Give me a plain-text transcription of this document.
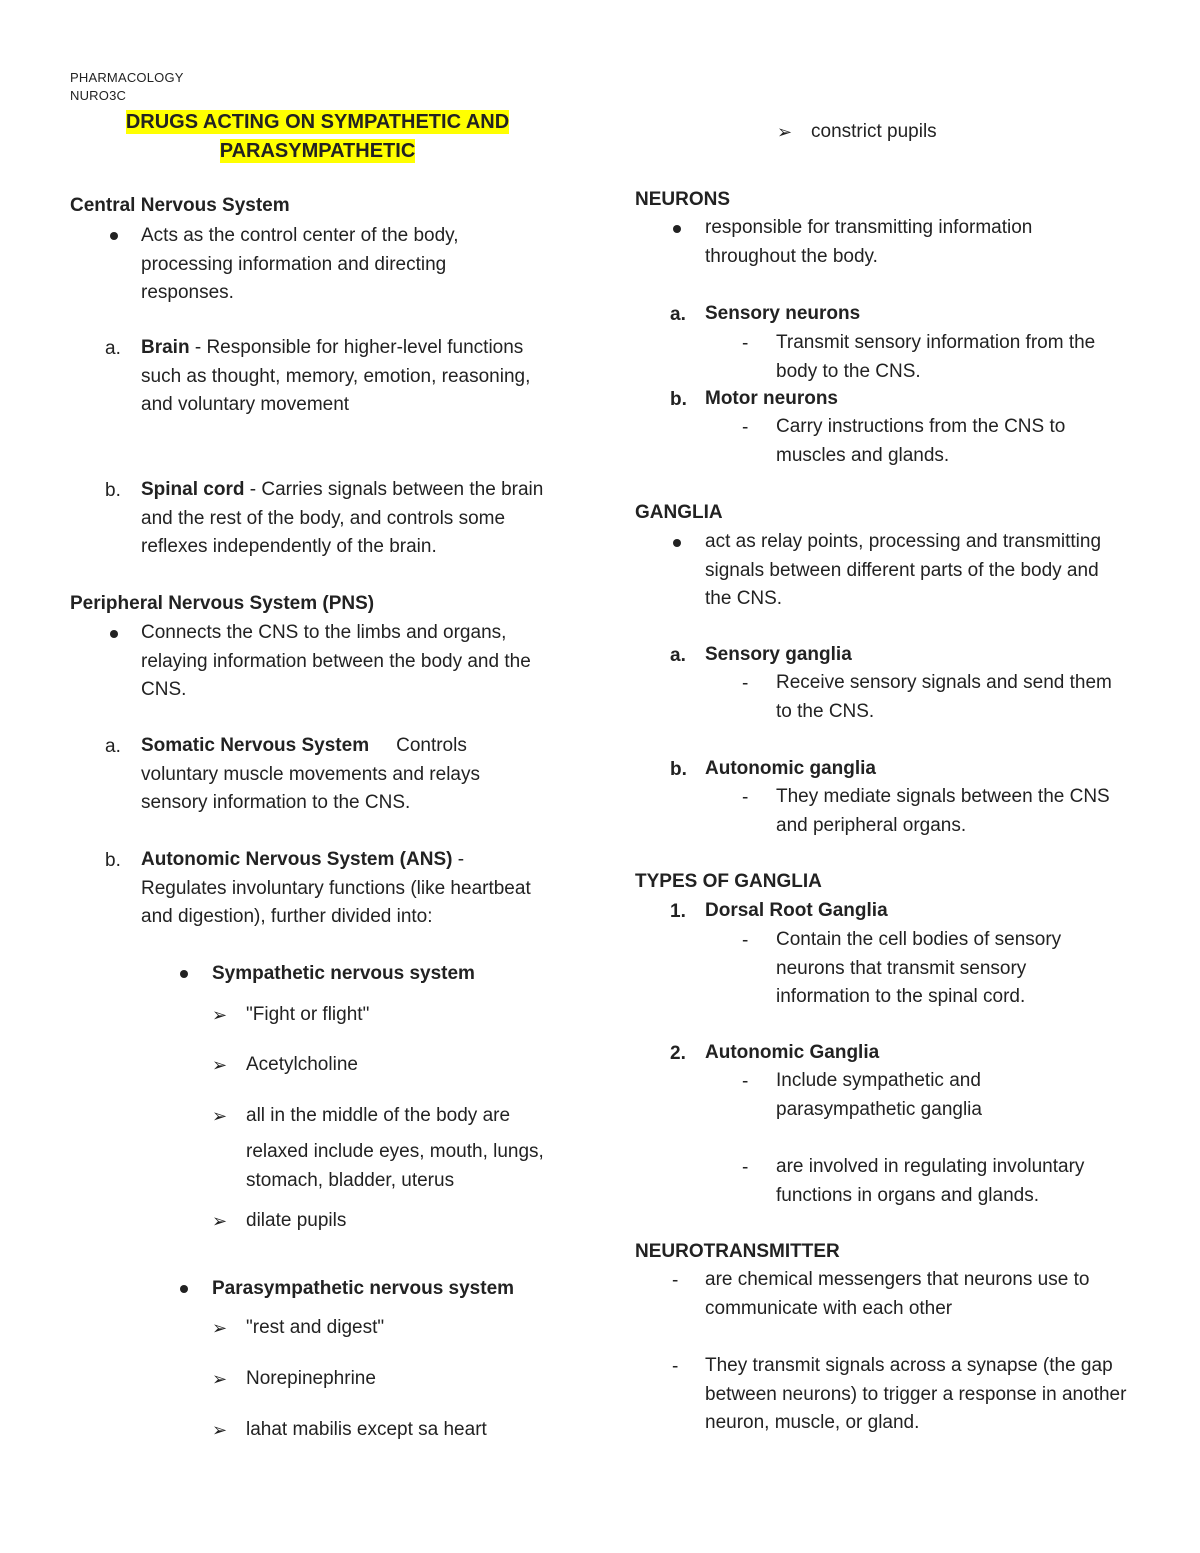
PHARMACOLOGY
NURO3C
DRUGS ACTING ON SYMPATHETIC AND
PARASYMPATHETIC
Central Nervous System
Acts as the control center of the body, processing information and directing responses.
a. Brain - Responsible for higher-level functions such as thought, memory, emotion, reasoning, and voluntary movement
b. Spinal cord - Carries signals between the brain and the rest of the body, and controls some reflexes independently of the brain.
Peripheral Nervous System (PNS)
Connects the CNS to the limbs and organs, relaying information between the body and the CNS.
a. Somatic Nervous System Controls voluntary muscle movements and relays sensory information to the CNS.
b. Autonomic Nervous System (ANS) - Regulates involuntary functions (like heartbeat and digestion), further divided into:
Sympathetic nervous system
➢ "Fight or flight"
➢ Acetylcholine
➢ all in the middle of the body are
relaxed include eyes, mouth, lungs, stomach, bladder, uterus
➢ dilate pupils
Parasympathetic nervous system
➢ "rest and digest"
➢ Norepinephrine
➢ lahat mabilis except sa heart
➢ constrict pupils
NEURONS
responsible for transmitting information throughout the body.
a. Sensory neurons
- Transmit sensory information from the body to the CNS.
b. Motor neurons
- Carry instructions from the CNS to muscles and glands.
GANGLIA
act as relay points, processing and transmitting signals between different parts of the body and the CNS.
a. Sensory ganglia
- Receive sensory signals and send them to the CNS.
b. Autonomic ganglia
- They mediate signals between the CNS and peripheral organs.
TYPES OF GANGLIA
1. Dorsal Root Ganglia
- Contain the cell bodies of sensory neurons that transmit sensory information to the spinal cord.
2. Autonomic Ganglia
- Include sympathetic and parasympathetic ganglia
- are involved in regulating involuntary functions in organs and glands.
NEUROTRANSMITTER
- are chemical messengers that neurons use to communicate with each other
- They transmit signals across a synapse (the gap between neurons) to trigger a response in another neuron, muscle, or gland.
